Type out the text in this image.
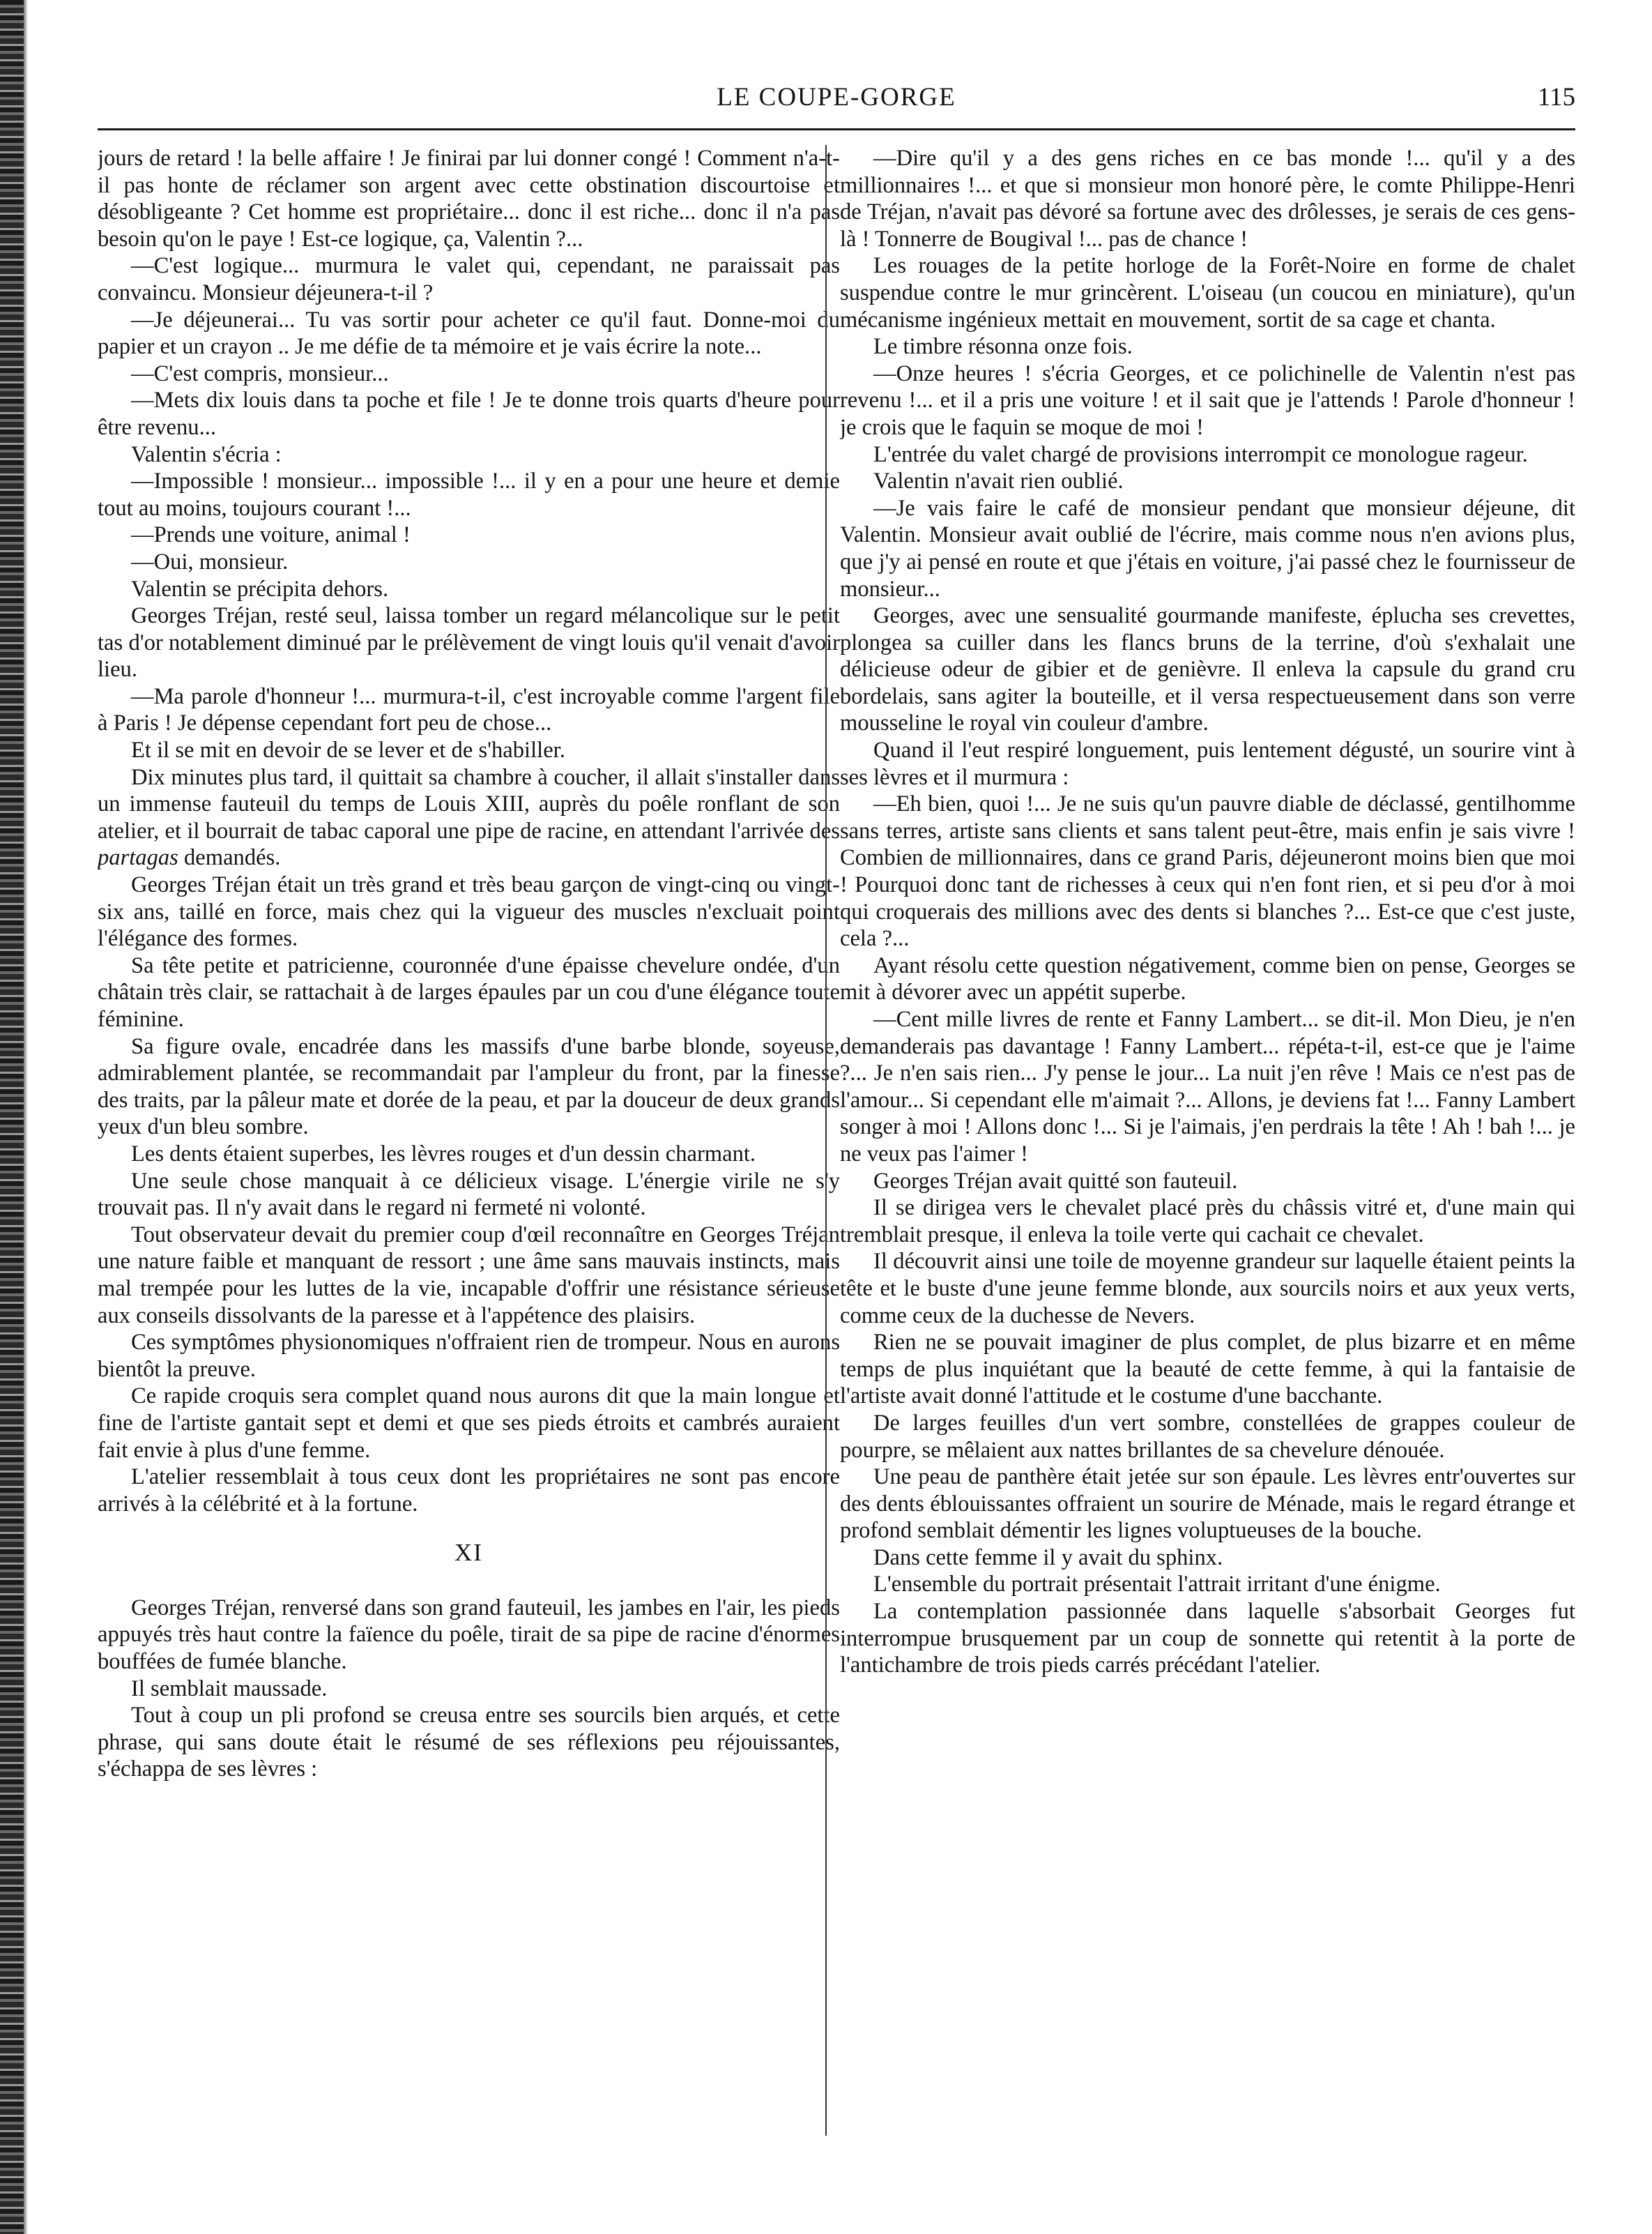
LE COUPE-GORGE	115

jours de retard ! la belle affaire ! Je finirai par lui donner congé ! Comment n'a-t-il pas honte de réclamer son argent avec cette obstination discourtoise et désobligeante ? Cet homme est propriétaire... donc il est riche... donc il n'a pas besoin qu'on le paye ! Est-ce logique, ça, Valentin ?...

—C'est logique... murmura le valet qui, cependant, ne paraissait pas convaincu. Monsieur déjeunera-t-il ?

—Je déjeunerai... Tu vas sortir pour acheter ce qu'il faut. Donne-moi du papier et un crayon .. Je me défie de ta mémoire et je vais écrire la note...

—C'est compris, monsieur...

—Mets dix louis dans ta poche et file ! Je te donne trois quarts d'heure pour être revenu...

Valentin s'écria :

—Impossible ! monsieur... impossible !... il y en a pour une heure et demie tout au moins, toujours courant !...

—Prends une voiture, animal !

—Oui, monsieur.

Valentin se précipita dehors.

Georges Tréjan, resté seul, laissa tomber un regard mélancolique sur le petit tas d'or notablement diminué par le prélèvement de vingt louis qu'il venait d'avoir lieu.

—Ma parole d'honneur !... murmura-t-il, c'est incroyable comme l'argent file à Paris ! Je dépense cependant fort peu de chose...

Et il se mit en devoir de se lever et de s'habiller.

Dix minutes plus tard, il quittait sa chambre à coucher, il allait s'installer dans un immense fauteuil du temps de Louis XIII, auprès du poêle ronflant de son atelier, et il bourrait de tabac caporal une pipe de racine, en attendant l'arrivée des partagas demandés.

Georges Tréjan était un très grand et très beau garçon de vingt-cinq ou vingt-six ans, taillé en force, mais chez qui la vigueur des muscles n'excluait point l'élégance des formes.

Sa tête petite et patricienne, couronnée d'une épaisse chevelure ondée, d'un châtain très clair, se rattachait à de larges épaules par un cou d'une élégance toute féminine.

Sa figure ovale, encadrée dans les massifs d'une barbe blonde, soyeuse, admirablement plantée, se recommandait par l'ampleur du front, par la finesse des traits, par la pâleur mate et dorée de la peau, et par la douceur de deux grands yeux d'un bleu sombre.

Les dents étaient superbes, les lèvres rouges et d'un dessin charmant.

Une seule chose manquait à ce délicieux visage. L'énergie virile ne s'y trouvait pas. Il n'y avait dans le regard ni fermeté ni volonté.

Tout observateur devait du premier coup d'œil reconnaître en Georges Tréjan une nature faible et manquant de ressort ; une âme sans mauvais instincts, mais mal trempée pour les luttes de la vie, incapable d'offrir une résistance sérieuse aux conseils dissolvants de la paresse et à l'appétence des plaisirs.

Ces symptômes physionomiques n'offraient rien de trompeur. Nous en aurons bientôt la preuve.

Ce rapide croquis sera complet quand nous aurons dit que la main longue et fine de l'artiste gantait sept et demi et que ses pieds étroits et cambrés auraient fait envie à plus d'une femme.

L'atelier ressemblait à tous ceux dont les propriétaires ne sont pas encore arrivés à la célébrité et à la fortune.

XI

Georges Tréjan, renversé dans son grand fauteuil, les jambes en l'air, les pieds appuyés très haut contre la faïence du poêle, tirait de sa pipe de racine d'énormes bouffées de fumée blanche.

Il semblait maussade.

Tout à coup un pli profond se creusa entre ses sourcils bien arqués, et cette phrase, qui sans doute était le résumé de ses réflexions peu réjouissantes, s'échappa de ses lèvres :

—Dire qu'il y a des gens riches en ce bas monde !... qu'il y a des millionnaires !... et que si monsieur mon honoré père, le comte Philippe-Henri de Tréjan, n'avait pas dévoré sa fortune avec des drôlesses, je serais de ces gens-là ! Tonnerre de Bougival !... pas de chance !

Les rouages de la petite horloge de la Forêt-Noire en forme de chalet suspendue contre le mur grincèrent. L'oiseau (un coucou en miniature), qu'un mécanisme ingénieux mettait en mouvement, sortit de sa cage et chanta.

Le timbre résonna onze fois.

—Onze heures ! s'écria Georges, et ce polichinelle de Valentin n'est pas revenu !... et il a pris une voiture ! et il sait que je l'attends ! Parole d'honneur ! je crois que le faquin se moque de moi !

L'entrée du valet chargé de provisions interrompit ce monologue rageur.

Valentin n'avait rien oublié.

—Je vais faire le café de monsieur pendant que monsieur déjeune, dit Valentin. Monsieur avait oublié de l'écrire, mais comme nous n'en avions plus, que j'y ai pensé en route et que j'étais en voiture, j'ai passé chez le fournisseur de monsieur...

Georges, avec une sensualité gourmande manifeste, éplucha ses crevettes, plongea sa cuiller dans les flancs bruns de la terrine, d'où s'exhalait une délicieuse odeur de gibier et de genièvre. Il enleva la capsule du grand cru bordelais, sans agiter la bouteille, et il versa respectueusement dans son verre mousseline le royal vin couleur d'ambre.

Quand il l'eut respiré longuement, puis lentement dégusté, un sourire vint à ses lèvres et il murmura :

—Eh bien, quoi !... Je ne suis qu'un pauvre diable de déclassé, gentilhomme sans terres, artiste sans clients et sans talent peut-être, mais enfin je sais vivre ! Combien de millionnaires, dans ce grand Paris, déjeuneront moins bien que moi ! Pourquoi donc tant de richesses à ceux qui n'en font rien, et si peu d'or à moi qui croquerais des millions avec des dents si blanches ?... Est-ce que c'est juste, cela ?...

Ayant résolu cette question négativement, comme bien on pense, Georges se mit à dévorer avec un appétit superbe.

—Cent mille livres de rente et Fanny Lambert... se dit-il. Mon Dieu, je n'en demanderais pas davantage ! Fanny Lambert... répéta-t-il, est-ce que je l'aime ?... Je n'en sais rien... J'y pense le jour... La nuit j'en rêve ! Mais ce n'est pas de l'amour... Si cependant elle m'aimait ?... Allons, je deviens fat !... Fanny Lambert songer à moi ! Allons donc !... Si je l'aimais, j'en perdrais la tête ! Ah ! bah !... je ne veux pas l'aimer !

Georges Tréjan avait quitté son fauteuil.

Il se dirigea vers le chevalet placé près du châssis vitré et, d'une main qui tremblait presque, il enleva la toile verte qui cachait ce chevalet.

Il découvrit ainsi une toile de moyenne grandeur sur laquelle étaient peints la tête et le buste d'une jeune femme blonde, aux sourcils noirs et aux yeux verts, comme ceux de la duchesse de Nevers.

Rien ne se pouvait imaginer de plus complet, de plus bizarre et en même temps de plus inquiétant que la beauté de cette femme, à qui la fantaisie de l'artiste avait donné l'attitude et le costume d'une bacchante.

De larges feuilles d'un vert sombre, constellées de grappes couleur de pourpre, se mêlaient aux nattes brillantes de sa chevelure dénouée.

Une peau de panthère était jetée sur son épaule. Les lèvres entr'ouvertes sur des dents éblouissantes offraient un sourire de Ménade, mais le regard étrange et profond semblait démentir les lignes voluptueuses de la bouche.

Dans cette femme il y avait du sphinx.

L'ensemble du portrait présentait l'attrait irritant d'une énigme.

La contemplation passionnée dans laquelle s'absorbait Georges fut interrompue brusquement par un coup de sonnette qui retentit à la porte de l'antichambre de trois pieds carrés précédant l'atelier.
